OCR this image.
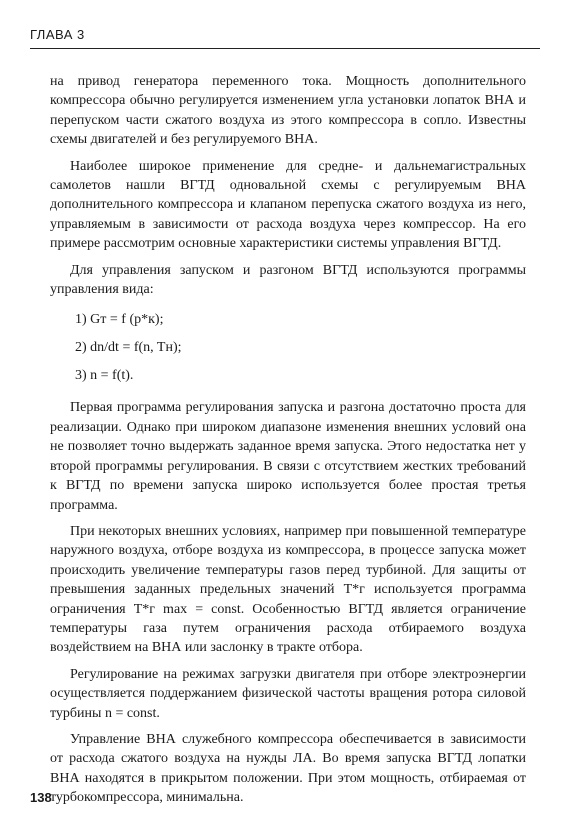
ГЛАВА 3

на привод генератора переменного тока. Мощность дополнительного компрессора обычно регулируется изменением угла установки лопаток ВНА и перепуском части сжатого воздуха из этого компрессора в сопло. Известны схемы двигателей и без регулируемого ВНА.

Наиболее широкое применение для средне- и дальнемагистральных самолетов нашли ВГТД одновальной схемы с регулируемым ВНА дополнительного компрессора и клапаном перепуска сжатого воздуха из него, управляемым в зависимости от расхода воздуха через компрессор. На его примере рассмотрим основные характеристики системы управления ВГТД.

Для управления запуском и разгоном ВГТД используются программы управления вида:

1) Gт = f (p*к);
2) dn/dt = f(n, Tн);
3) n = f(t).

Первая программа регулирования запуска и разгона достаточно проста для реализации. Однако при широком диапазоне изменения внешних условий она не позволяет точно выдержать заданное время запуска. Этого недостатка нет у второй программы регулирования. В связи с отсутствием жестких требований к ВГТД по времени запуска широко используется более простая третья программа.

При некоторых внешних условиях, например при повышенной температуре наружного воздуха, отборе воздуха из компрессора, в процессе запуска может происходить увеличение температуры газов перед турбиной. Для защиты от превышения заданных предельных значений T*г используется программа ограничения T*г max = const. Особенностью ВГТД является ограничение температуры газа путем ограничения расхода отбираемого воздуха воздействием на ВНА или заслонку в тракте отбора.

Регулирование на режимах загрузки двигателя при отборе электроэнергии осуществляется поддержанием физической частоты вращения ротора силовой турбины n = const.

Управление ВНА служебного компрессора обеспечивается в зависимости от расхода сжатого воздуха на нужды ЛА. Во время запуска ВГТД лопатки ВНА находятся в прикрытом положении. При этом мощность, отбираемая от турбокомпрессора, минимальна.

138
